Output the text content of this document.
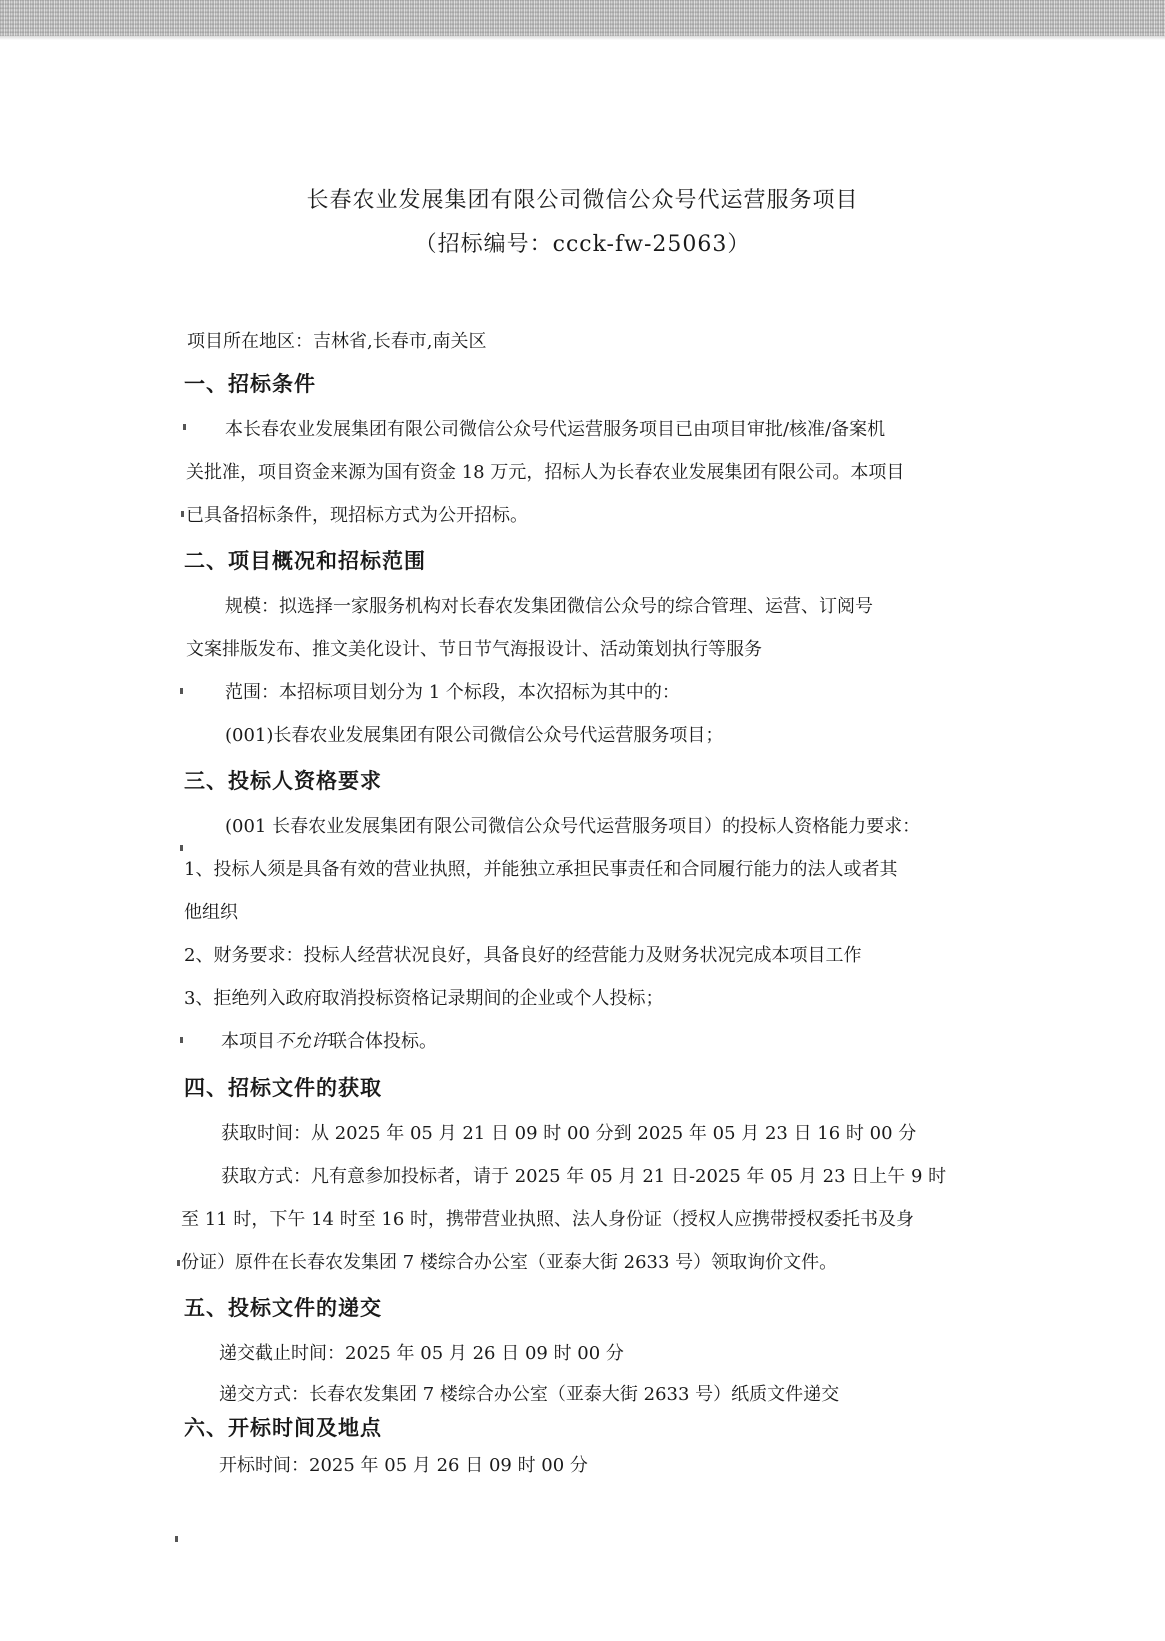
长春农业发展集团有限公司微信公众号代运营服务项目
（招标编号：ccck-fw-25063）
项目所在地区：吉林省,长春市,南关区
一、招标条件
本长春农业发展集团有限公司微信公众号代运营服务项目已由项目审批/核准/备案机
关批准，项目资金来源为国有资金 18 万元，招标人为长春农业发展集团有限公司。本项目
已具备招标条件，现招标方式为公开招标。
二、项目概况和招标范围
规模：拟选择一家服务机构对长春农发集团微信公众号的综合管理、运营、订阅号
文案排版发布、推文美化设计、节日节气海报设计、活动策划执行等服务
范围：本招标项目划分为 1 个标段，本次招标为其中的：
(001)长春农业发展集团有限公司微信公众号代运营服务项目；
三、投标人资格要求
(001 长春农业发展集团有限公司微信公众号代运营服务项目）的投标人资格能力要求：
1、投标人须是具备有效的营业执照，并能独立承担民事责任和合同履行能力的法人或者其
他组织
2、财务要求：投标人经营状况良好，具备良好的经营能力及财务状况完成本项目工作
3、拒绝列入政府取消投标资格记录期间的企业或个人投标；
本项目不允许联合体投标。
四、招标文件的获取
获取时间：从 2025 年 05 月 21 日 09 时 00 分到 2025 年 05 月 23 日 16 时 00 分
获取方式：凡有意参加投标者，请于 2025 年 05 月 21 日-2025 年 05 月 23 日上午 9 时
至 11 时，下午 14 时至 16 时，携带营业执照、法人身份证（授权人应携带授权委托书及身
份证）原件在长春农发集团 7 楼综合办公室（亚泰大街 2633 号）领取询价文件。
五、投标文件的递交
递交截止时间：2025 年 05 月 26 日 09 时 00 分
递交方式：长春农发集团 7 楼综合办公室（亚泰大街 2633 号）纸质文件递交
六、开标时间及地点
开标时间：2025 年 05 月 26 日 09 时 00 分
